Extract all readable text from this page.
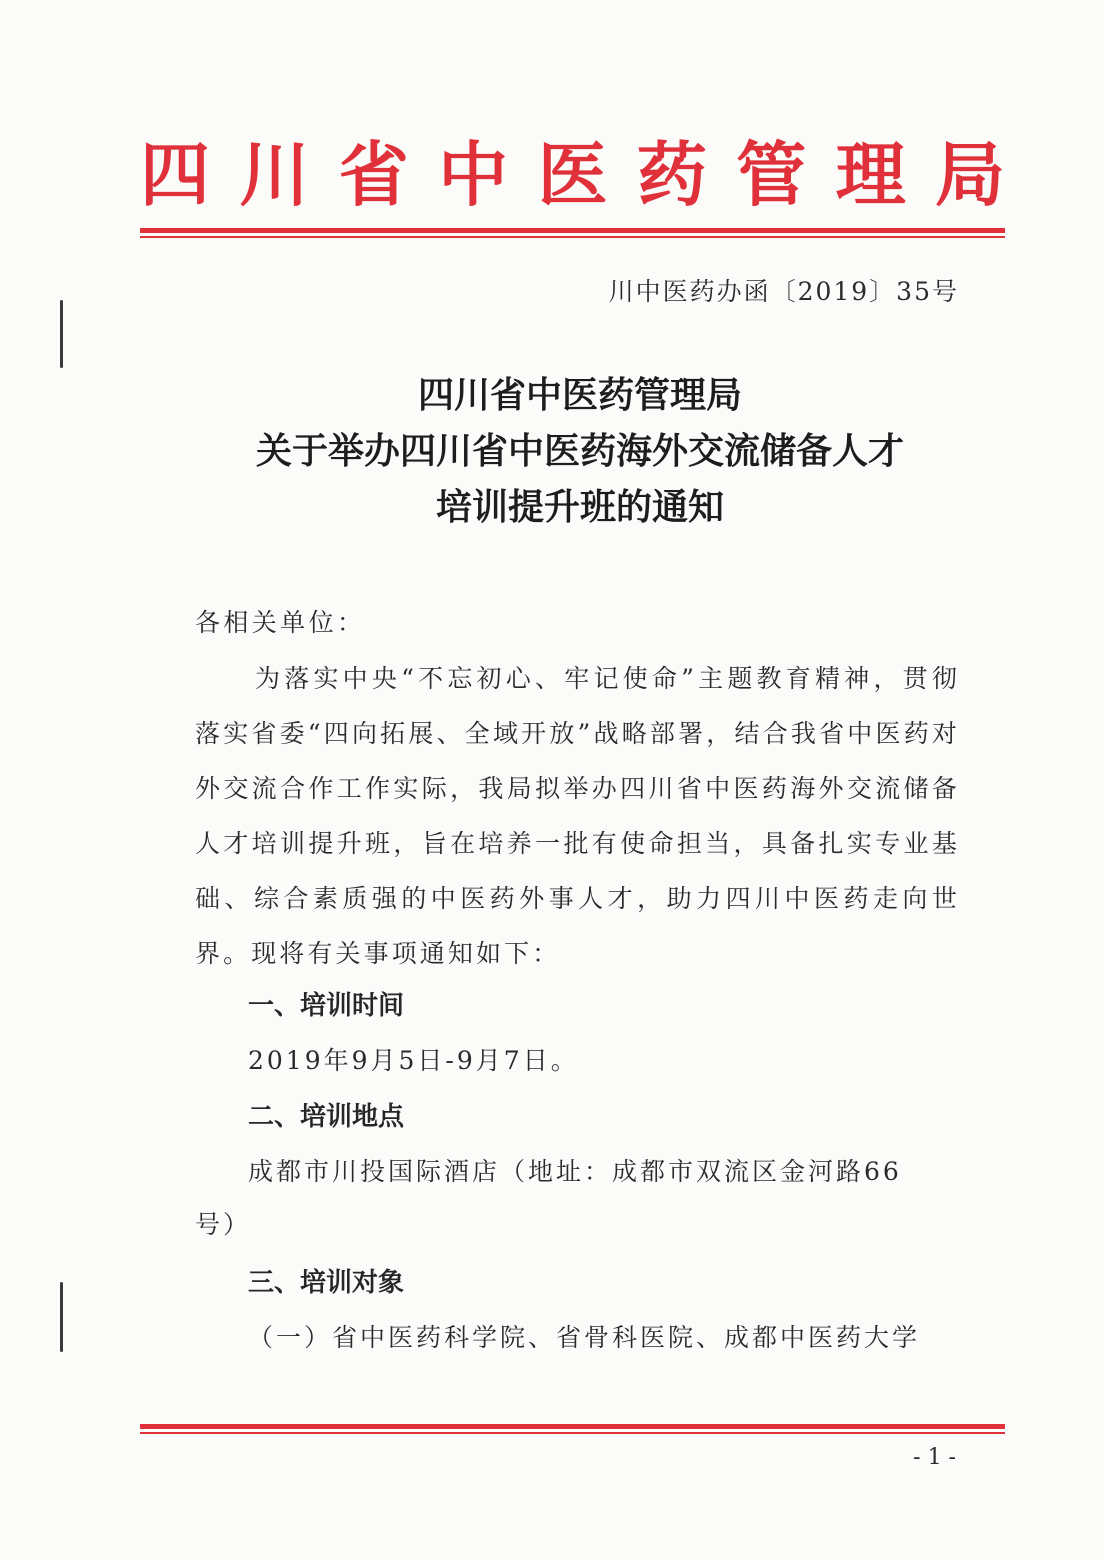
四 川 省 中 医 药 管 理 局
川中医药办函〔2019〕35号
四川省中医药管理局
关于举办四川省中医药海外交流储备人才
培训提升班的通知
各相关单位：
为落实中央“不忘初心、牢记使命”主题教育精神，贯彻落实省委“四向拓展、全域开放”战略部署，结合我省中医药对外交流合作工作实际，我局拟举办四川省中医药海外交流储备人才培训提升班，旨在培养一批有使命担当，具备扎实专业基础、综合素质强的中医药外事人才，助力四川中医药走向世界。现将有关事项通知如下：
一、培训时间
2019年9月5日-9月7日。
二、培训地点
成都市川投国际酒店（地址：成都市双流区金河路66
号）
三、培训对象
（一）省中医药科学院、省骨科医院、成都中医药大学
- 1 -
